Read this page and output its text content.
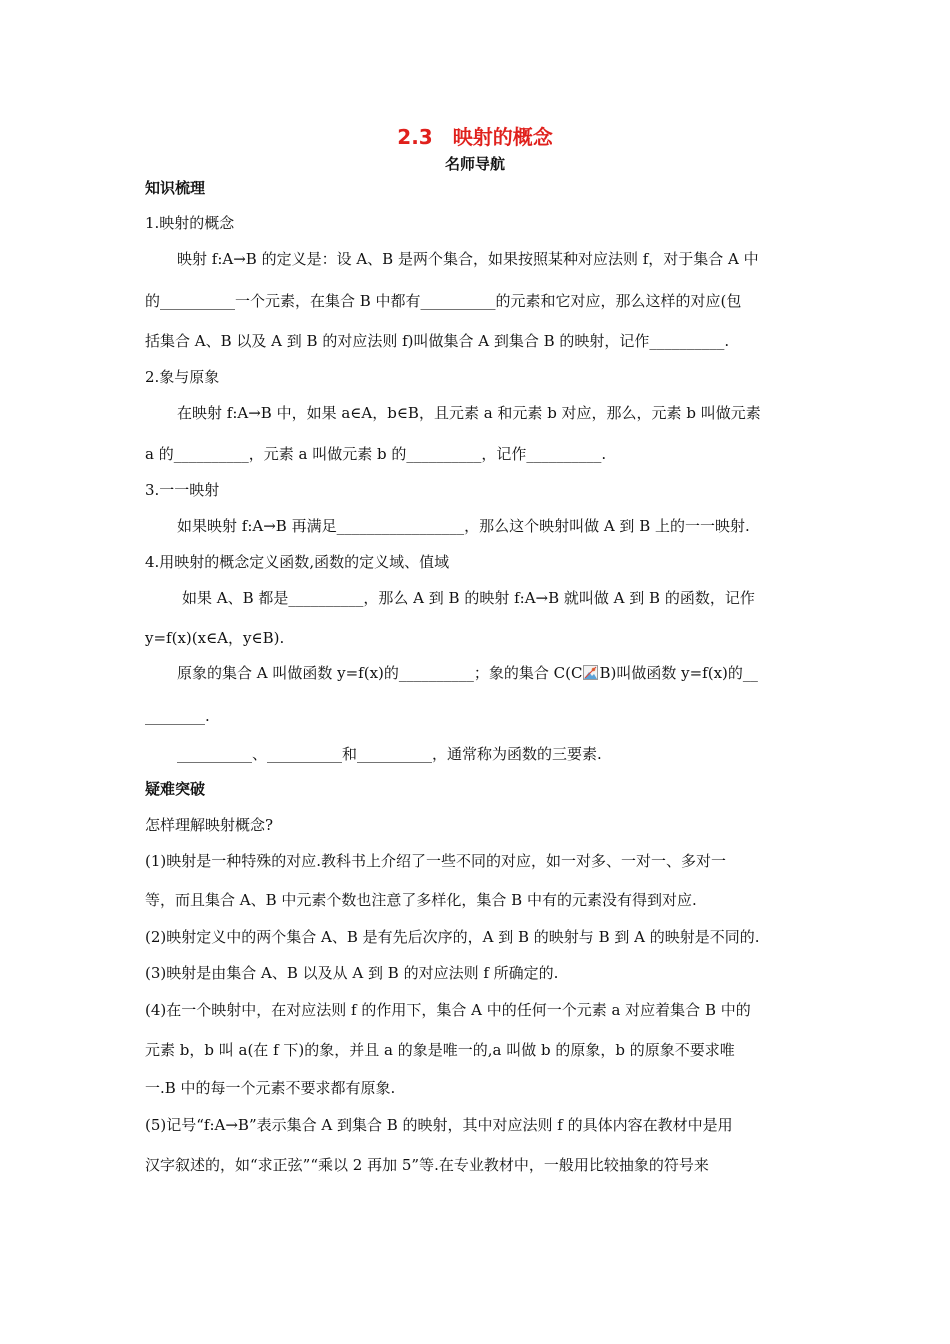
2.3　映射的概念
名师导航
知识梳理
1.映射的概念
映射 f:A→B 的定义是：设 A、B 是两个集合，如果按照某种对应法则 f，对于集合 A 中
的__________一个元素，在集合 B 中都有__________的元素和它对应，那么这样的对应(包
括集合 A、B 以及 A 到 B 的对应法则 f)叫做集合 A 到集合 B 的映射，记作__________.
2.象与原象
在映射 f:A→B 中，如果 a∈A，b∈B，且元素 a 和元素 b 对应，那么，元素 b 叫做元素
a 的__________，元素 a 叫做元素 b 的__________，记作__________.
3.一一映射
如果映射 f:A→B 再满足_________________，那么这个映射叫做 A 到 B 上的一一映射.
4.用映射的概念定义函数,函数的定义域、值域
如果 A、B 都是__________，那么 A 到 B 的映射 f:A→B 就叫做 A 到 B 的函数，记作
y=f(x)(x∈A，y∈B).
原象的集合 A 叫做函数 y=f(x)的__________；象的集合 C(C B)叫做函数 y=f(x)的__
________.
__________、__________和__________，通常称为函数的三要素.
疑难突破
怎样理解映射概念?
(1)映射是一种特殊的对应.教科书上介绍了一些不同的对应，如一对多、一对一、多对一
等，而且集合 A、B 中元素个数也注意了多样化，集合 B 中有的元素没有得到对应.
(2)映射定义中的两个集合 A、B 是有先后次序的，A 到 B 的映射与 B 到 A 的映射是不同的.
(3)映射是由集合 A、B 以及从 A 到 B 的对应法则 f 所确定的.
(4)在一个映射中，在对应法则 f 的作用下，集合 A 中的任何一个元素 a 对应着集合 B 中的
元素 b，b 叫 a(在 f 下)的象，并且 a 的象是唯一的,a 叫做 b 的原象，b 的原象不要求唯
一.B 中的每一个元素不要求都有原象.
(5)记号“f:A→B”表示集合 A 到集合 B 的映射，其中对应法则 f 的具体内容在教材中是用
汉字叙述的，如“求正弦”“乘以 2 再加 5”等.在专业教材中，一般用比较抽象的符号来
